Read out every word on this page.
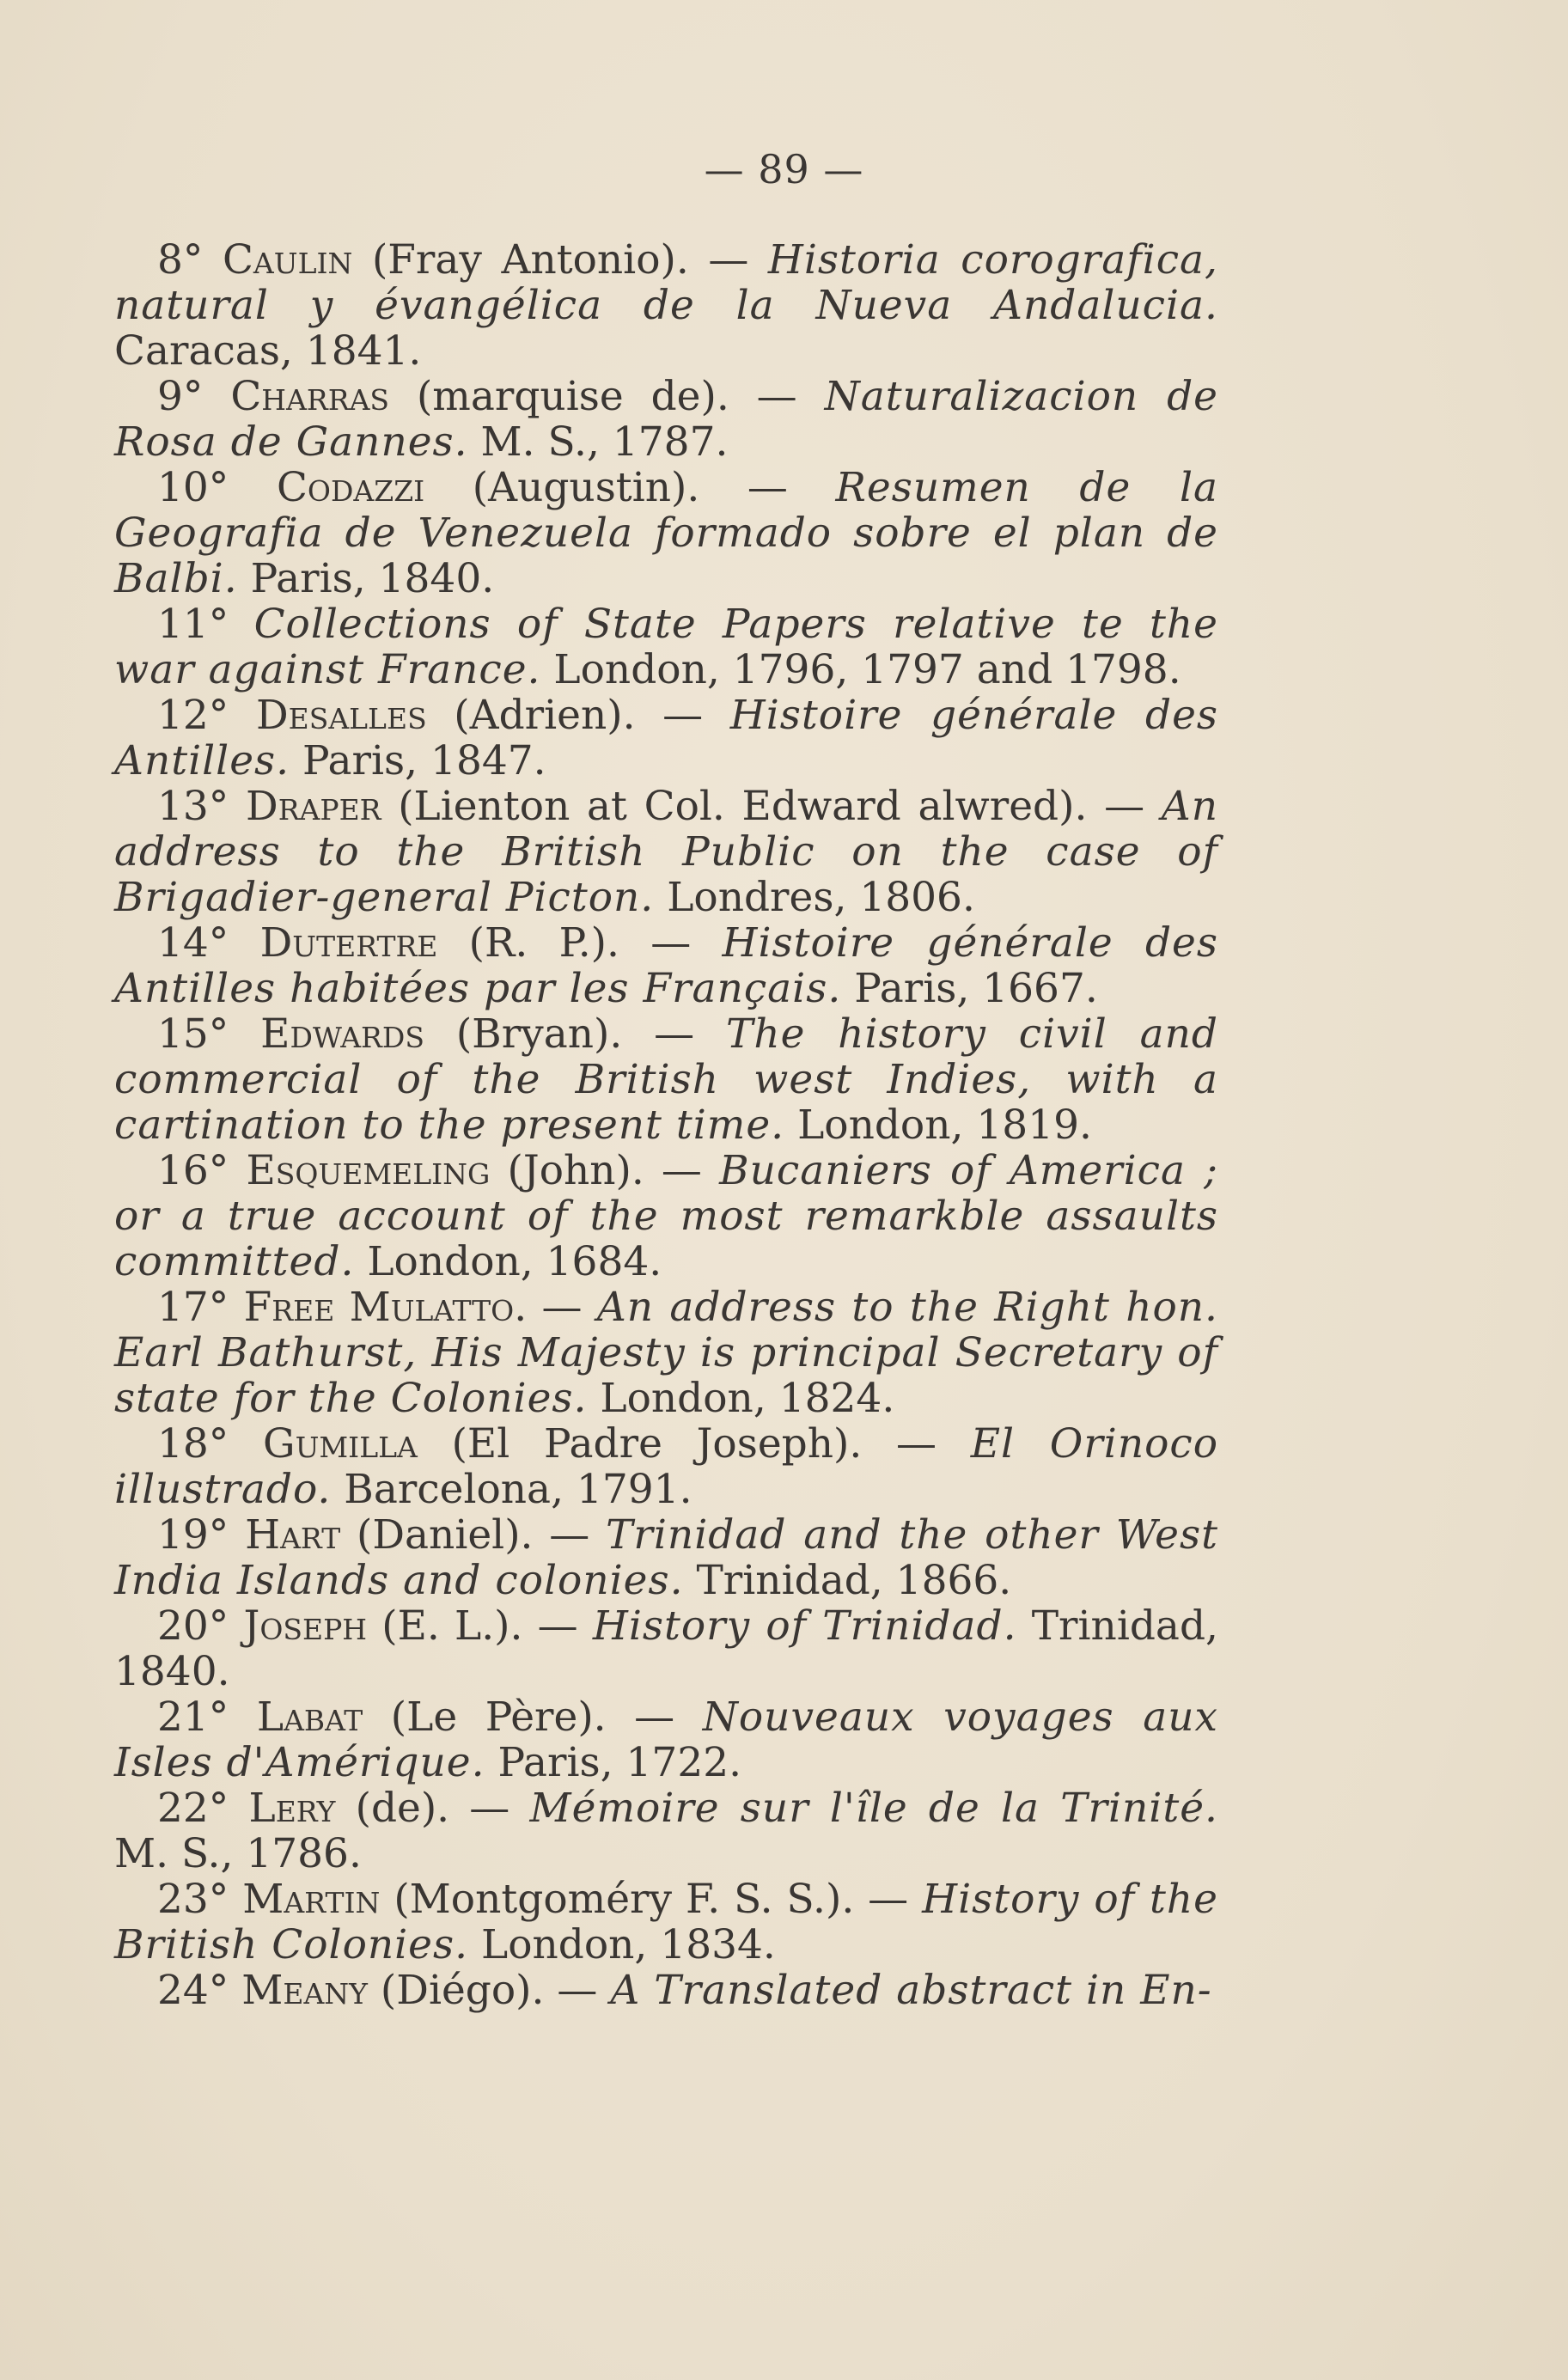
— 89 —

8° Caulin (Fray Antonio). — Historia corografica, natural y évangélica de la Nueva Andalucia. Caracas, 1841.

9° Charras (marquise de). — Naturalizacion de Rosa de Gannes. M. S., 1787.

10° Codazzi (Augustin). — Resumen de la Geografia de Venezuela formado sobre el plan de Balbi. Paris, 1840.

11° Collections of State Papers relative te the war against France. London, 1796, 1797 and 1798.

12° Desalles (Adrien). — Histoire générale des Antilles. Paris, 1847.

13° Draper (Lienton at Col. Edward alwred). — An address to the British Public on the case of Brigadier-general Picton. Londres, 1806.

14° Dutertre (R. P.). — Histoire générale des Antilles habitées par les Français. Paris, 1667.

15° Edwards (Bryan). — The history civil and commercial of the British west Indies, with a cartination to the present time. London, 1819.

16° Esquemeling (John). — Bucaniers of America ; or a true account of the most remarkble assaults committed. London, 1684.

17° Free Mulatto. — An address to the Right hon. Earl Bathurst, His Majesty is principal Secretary of state for the Colonies. London, 1824.

18° Gumilla (El Padre Joseph). — El Orinoco illustrado. Barcelona, 1791.

19° Hart (Daniel). — Trinidad and the other West India Islands and colonies. Trinidad, 1866.

20° Joseph (E. L.). — History of Trinidad. Trinidad, 1840.

21° Labat (Le Père). — Nouveaux voyages aux Isles d'Amérique. Paris, 1722.

22° Lery (de). — Mémoire sur l'île de la Trinité. M. S., 1786.

23° Martin (Montgoméry F. S. S.). — History of the British Colonies. London, 1834.

24° Meany (Diégo). — A Translated abstract in En-
